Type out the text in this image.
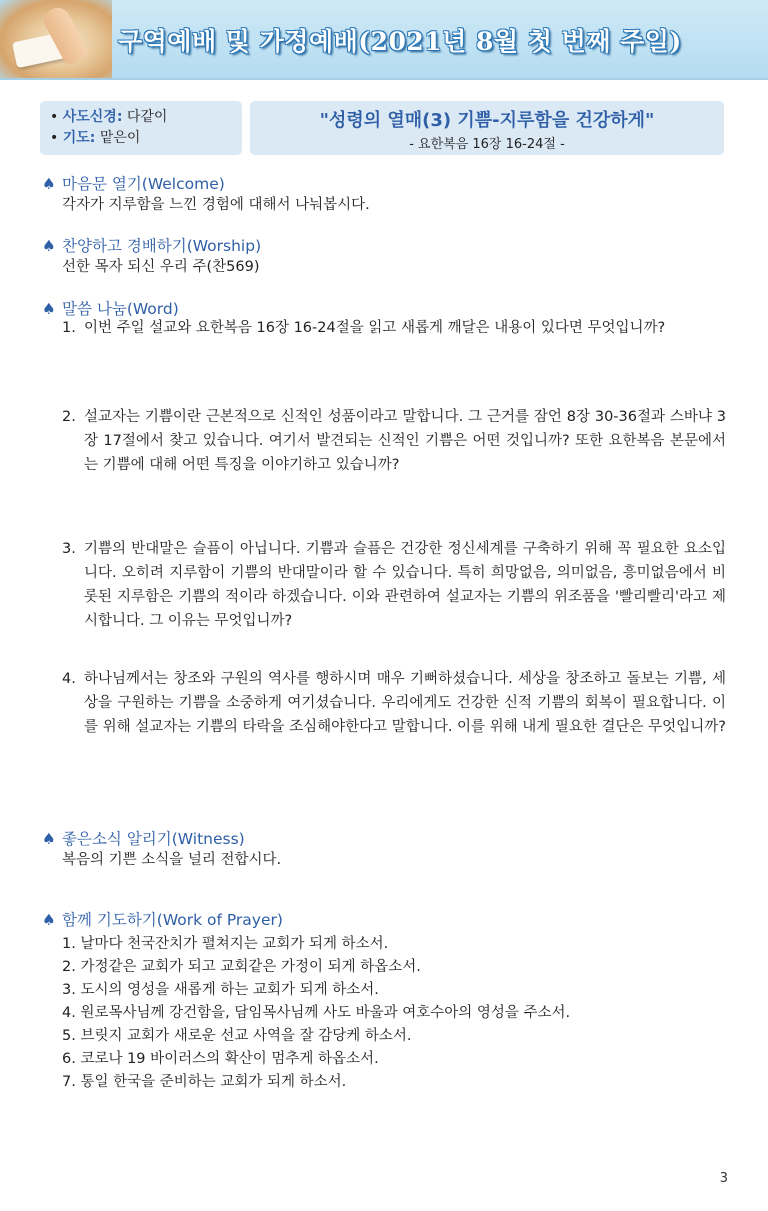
구역예배 및 가정예배(2021년 8월 첫 번째 주일)
• 사도신경: 다같이
• 기도: 맡은이
"성령의 열매(3) 기쁨-지루함을 건강하게"
- 요한복음 16장 16-24절 -
♠ 마음문 열기(Welcome)
각자가 지루함을 느낀 경험에 대해서 나눠봅시다.
♠ 찬양하고 경배하기(Worship)
선한 목자 되신 우리 주(찬569)
♠ 말씀 나눔(Word)
1. 이번 주일 설교와 요한복음 16장 16-24절을 읽고 새롭게 깨달은 내용이 있다면 무엇입니까?
2. 설교자는 기쁨이란 근본적으로 신적인 성품이라고 말합니다. 그 근거를 잠언 8장 30-36절과 스바냐 3장 17절에서 찾고 있습니다. 여기서 발견되는 신적인 기쁨은 어떤 것입니까? 또한 요한복음 본문에서는 기쁨에 대해 어떤 특징을 이야기하고 있습니까?
3. 기쁨의 반대말은 슬픔이 아닙니다. 기쁨과 슬픔은 건강한 정신세계를 구축하기 위해 꼭 필요한 요소입니다. 오히려 지루함이 기쁨의 반대말이라 할 수 있습니다. 특히 희망없음, 의미없음, 흥미없음에서 비롯된 지루함은 기쁨의 적이라 하겠습니다. 이와 관련하여 설교자는 기쁨의 위조품을 '빨리빨리'라고 제시합니다. 그 이유는 무엇입니까?
4. 하나님께서는 창조와 구원의 역사를 행하시며 매우 기뻐하셨습니다. 세상을 창조하고 돌보는 기쁨, 세상을 구원하는 기쁨을 소중하게 여기셨습니다. 우리에게도 건강한 신적 기쁨의 회복이 필요합니다. 이를 위해 설교자는 기쁨의 타락을 조심해야한다고 말합니다. 이를 위해 내게 필요한 결단은 무엇입니까?
♠ 좋은소식 알리기(Witness)
복음의 기쁜 소식을 널리 전합시다.
♠ 함께 기도하기(Work of Prayer)
1. 날마다 천국잔치가 펼쳐지는 교회가 되게 하소서.
2. 가정같은 교회가 되고 교회같은 가정이 되게 하옵소서.
3. 도시의 영성을 새롭게 하는 교회가 되게 하소서.
4. 원로목사님께 강건함을, 담임목사님께 사도 바울과 여호수아의 영성을 주소서.
5. 브릿지 교회가 새로운 선교 사역을 잘 감당케 하소서.
6. 코로나 19 바이러스의 확산이 멈추게 하옵소서.
7. 통일 한국을 준비하는 교회가 되게 하소서.
3
